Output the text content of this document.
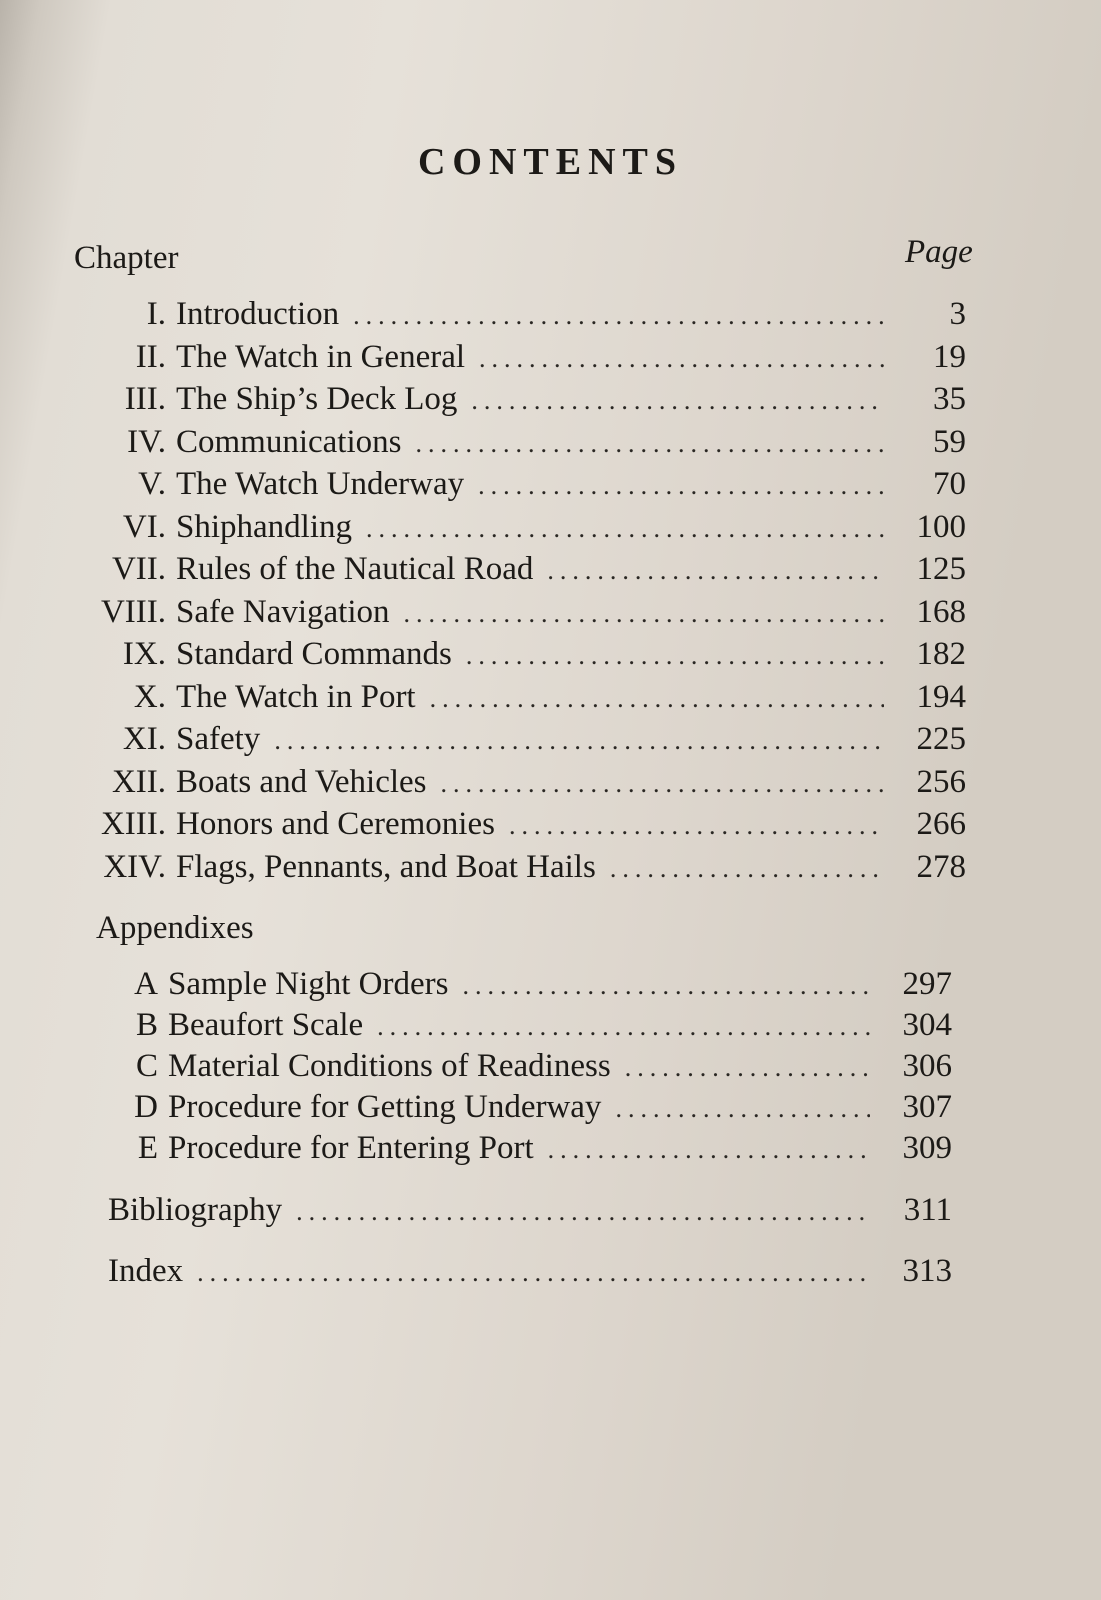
CONTENTS
Chapter	Page
I. Introduction .....	3
II. The Watch in General .....	19
III. The Ship’s Deck Log .....	35
IV. Communications .....	59
V. The Watch Underway .....	70
VI. Shiphandling .....	100
VII. Rules of the Nautical Road .....	125
VIII. Safe Navigation .....	168
IX. Standard Commands .....	182
X. The Watch in Port .....	194
XI. Safety .....	225
XII. Boats and Vehicles .....	256
XIII. Honors and Ceremonies .....	266
XIV. Flags, Pennants, and Boat Hails .....	278
Appendixes
A Sample Night Orders .....	297
B Beaufort Scale .....	304
C Material Conditions of Readiness .....	306
D Procedure for Getting Underway .....	307
E Procedure for Entering Port .....	309
Bibliography .....	311
Index .....	313
